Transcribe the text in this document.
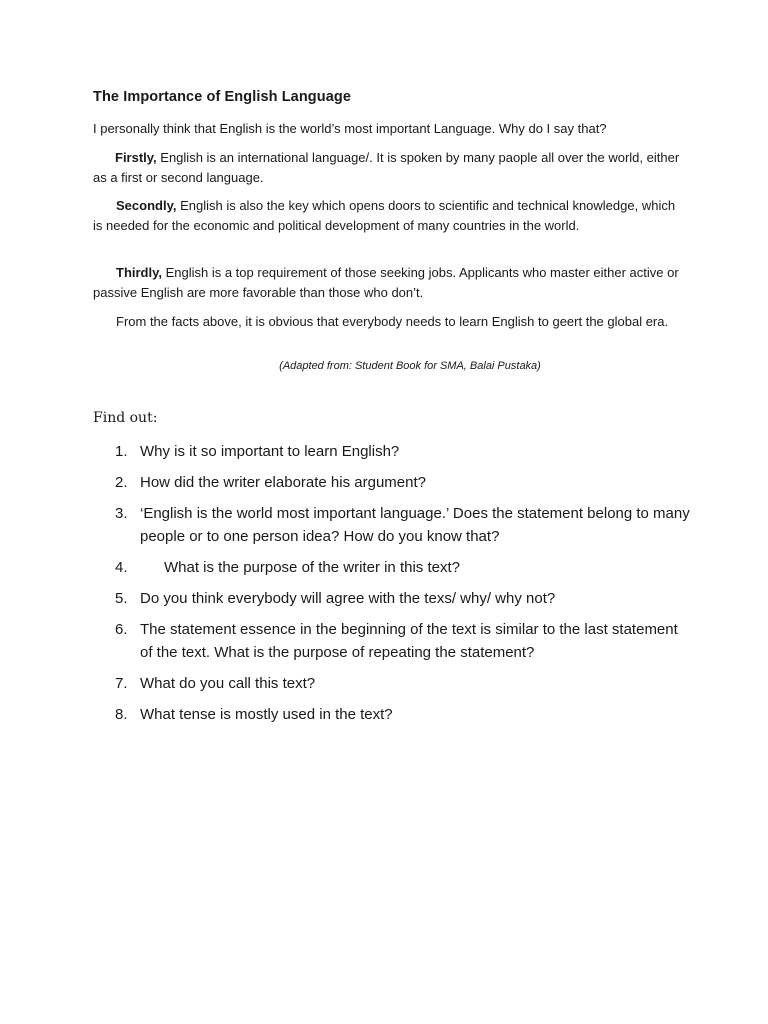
The Importance of English Language
I personally think that English is the world’s most important Language. Why do I say that?
Firstly, English is an international language/. It is spoken by many paople all over the world, either as a first or second language.
Secondly, English is also the key which opens doors to scientific and technical knowledge, which is needed for the economic and political development of many countries in the world.
Thirdly, English is a top requirement of those seeking jobs. Applicants who master either active or passive English are more favorable than those who don’t.
From the facts above, it is obvious that everybody needs to learn English to geert the global era.
(Adapted from: Student Book for SMA, Balai Pustaka)
Find out:
1. Why is it so important to learn English?
2. How did the writer elaborate his argument?
3. ‘English is the world most important language.’ Does the statement belong to many people or to one person idea? How do you know that?
4. What is the purpose of the writer in this text?
5. Do you think everybody will agree with the texs/ why/ why not?
6. The statement essence in the beginning of the text is similar to the last statement of the text. What is the purpose of repeating the statement?
7. What do you call this text?
8. What tense is mostly used in the text?
